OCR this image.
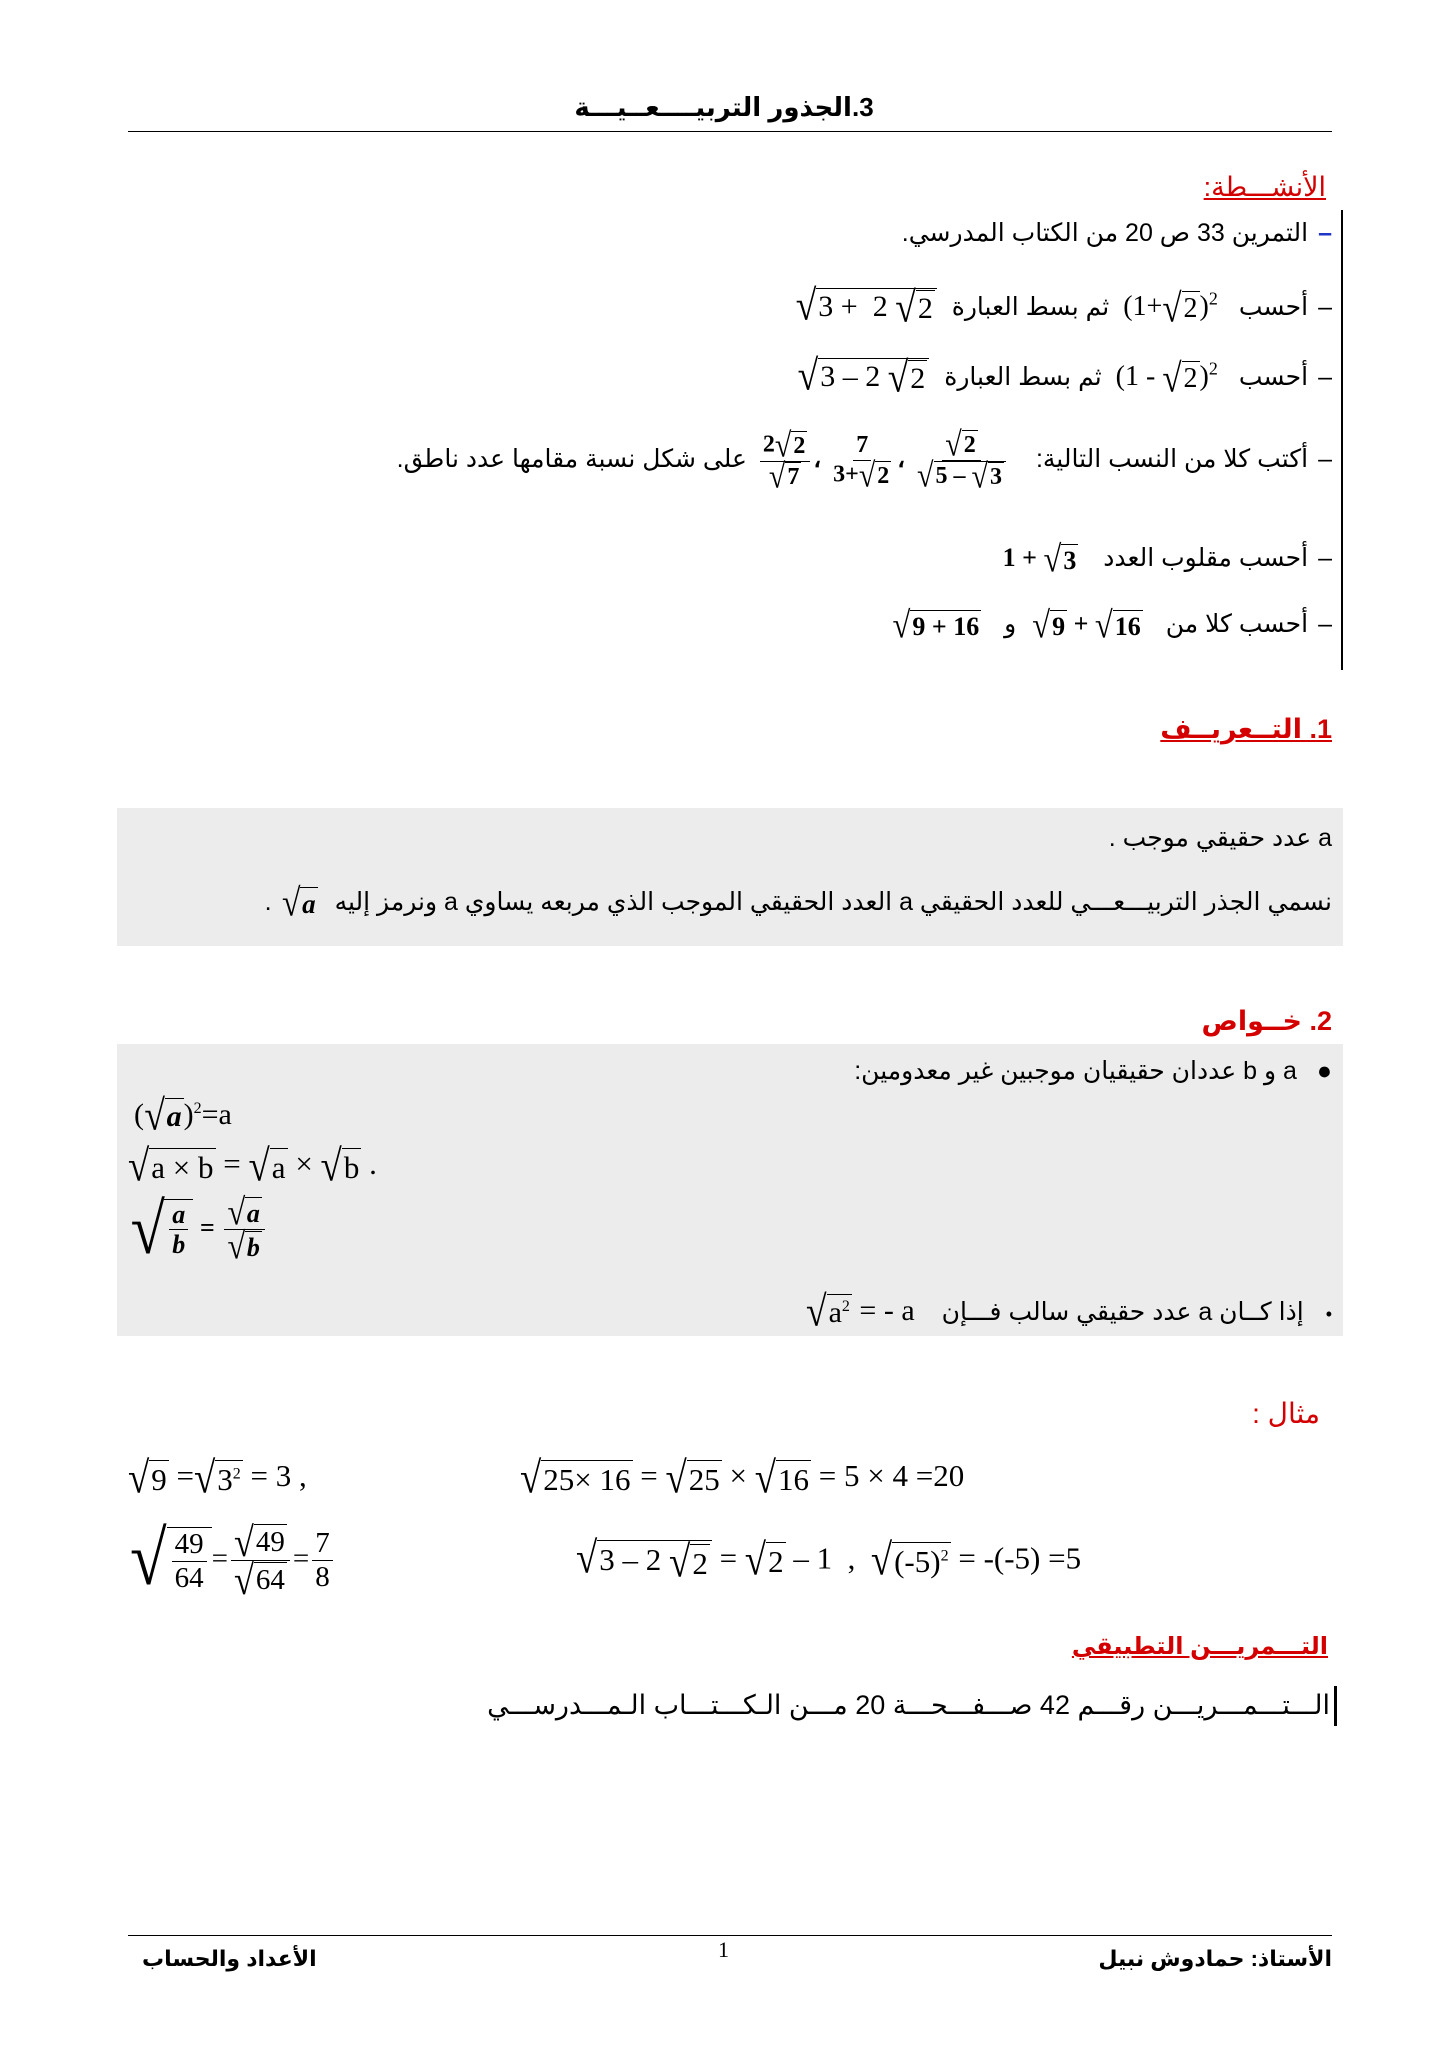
3.الجذور التربيــــعــيـــة
الأنشـــطة:
–التمرين 33 ص 20 من الكتاب المدرسي.
–أحسب (1+ √ 2 )$^2$ثم بسط العبارة
√ 3 +  2 √ 2
–أحسب (1 - √ 2 )$^2$ثم بسط العبارة
√ 3 – 2 √ 2
–أكتب كلا من النسب التالية:
$\frac{2 √ 2}{√ 7}$ ، $\frac{7}{3+ √ 2}$ ، $\frac{√ 2}{√ 5 - √ 3}$
على شكل نسبة مقامها عدد ناطق.
–أحسب مقلوب العدد 1 + √ 3
–أحسب كلا من
√ 9 + √ 16
و
√ 9 + 16
1. التــعريــف
a عدد حقيقي موجب .
نسمي الجذر التربيـــعـــي للعدد الحقيقي a العدد الحقيقي الموجب الذي مربعه يساوي a ونرمز إليه
√ a
.
2. خــواص
●a و b عددان حقيقيان موجبين غير معدومين:
( √ a )$^2$=a
√ a × b = √ a × √ b .
√ $\frac{a}{b} = \frac{√ a}{√ b}$
•إذا كــان a عدد حقيقي سالب فـــإن
√ $a^2$ = - a
مثال :
√ 25× 16 = √ 25 × √ 16 = 5 × 4 =20
√ 9 = √ $3^2 = 3$ ,
√ 3 – 2 √ 2 = √ 2 – 1  , √ $(-5)^2 = -(-5) =5$
√ $\frac{49}{64} = \frac{√ 49}{√ 64} = \frac{7}{8}$
التـــمريـــن التطبيقي
الـــتـــمـــريـــن رقـــم 42 صـــفـــحـــة 20 مـــن الـكـــتـــاب الـمـــدرســـي
الأستاذ: حمادوش نبيل
1
الأعداد والحساب
